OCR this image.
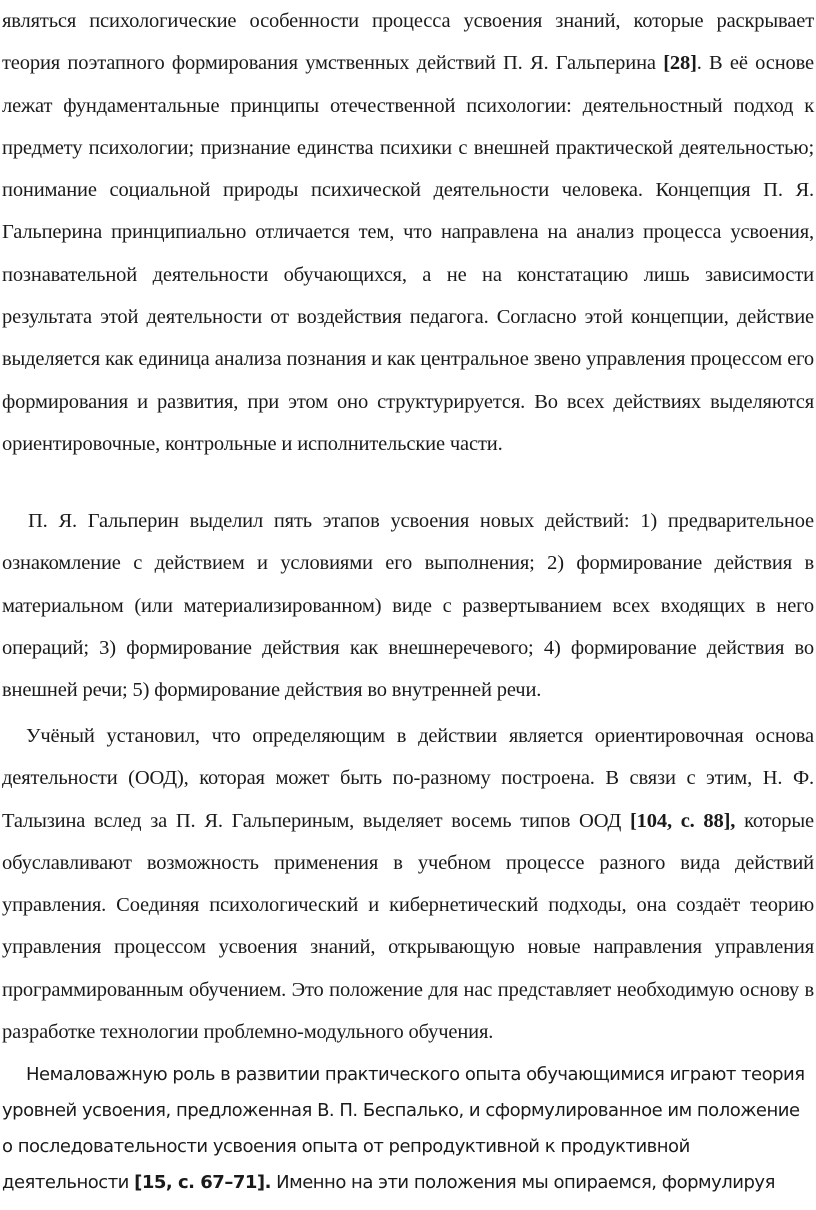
являться психологические особенности процесса усвоения знаний, которые раскрывает теория поэтапного формирования умственных действий П. Я. Гальперина [28]. В её основе лежат фундаментальные принципы отечественной психологии: деятельностный подход к предмету психологии; признание единства психики с внешней практической деятельностью; понимание социальной природы психической деятельности человека. Концепция П. Я. Гальперина принципиально отличается тем, что направлена на анализ процесса усвоения, познавательной деятельности обучающихся, а не на констатацию лишь зависимости результата этой деятельности от воздействия педагога. Согласно этой концепции, действие выделяется как единица анализа познания и как центральное звено управления процессом его формирования и развития, при этом оно структурируется. Во всех действиях выделяются ориентировочные, контрольные и исполнительские части.

П. Я. Гальперин выделил пять этапов усвоения новых действий: 1) предварительное ознакомление с действием и условиями его выполнения; 2) формирование действия в материальном (или материализированном) виде с развертыванием всех входящих в него операций; 3) формирование действия как внешнеречевого; 4) формирование действия во внешней речи; 5) формирование действия во внутренней речи.

Учёный установил, что определяющим в действии является ориентировочная основа деятельности (ООД), которая может быть по-разному построена. В связи с этим, Н. Ф. Талызина вслед за П. Я. Гальпериным, выделяет восемь типов ООД [104, с. 88], которые обуславливают возможность применения в учебном процессе разного вида действий управления. Соединяя психологический и кибернетический подходы, она создаёт теорию управления процессом усвоения знаний, открывающую новые направления управления программированным обучением. Это положение для нас представляет необходимую основу в разработке технологии проблемно-модульного обучения.

Немаловажную роль в развитии практического опыта обучающимися играют теория уровней усвоения, предложенная В. П. Беспалько, и сформулированное им положение о последовательности усвоения опыта от репродуктивной к продуктивной деятельности [15, с. 67–71]. Именно на эти положения мы опираемся, формулируя
